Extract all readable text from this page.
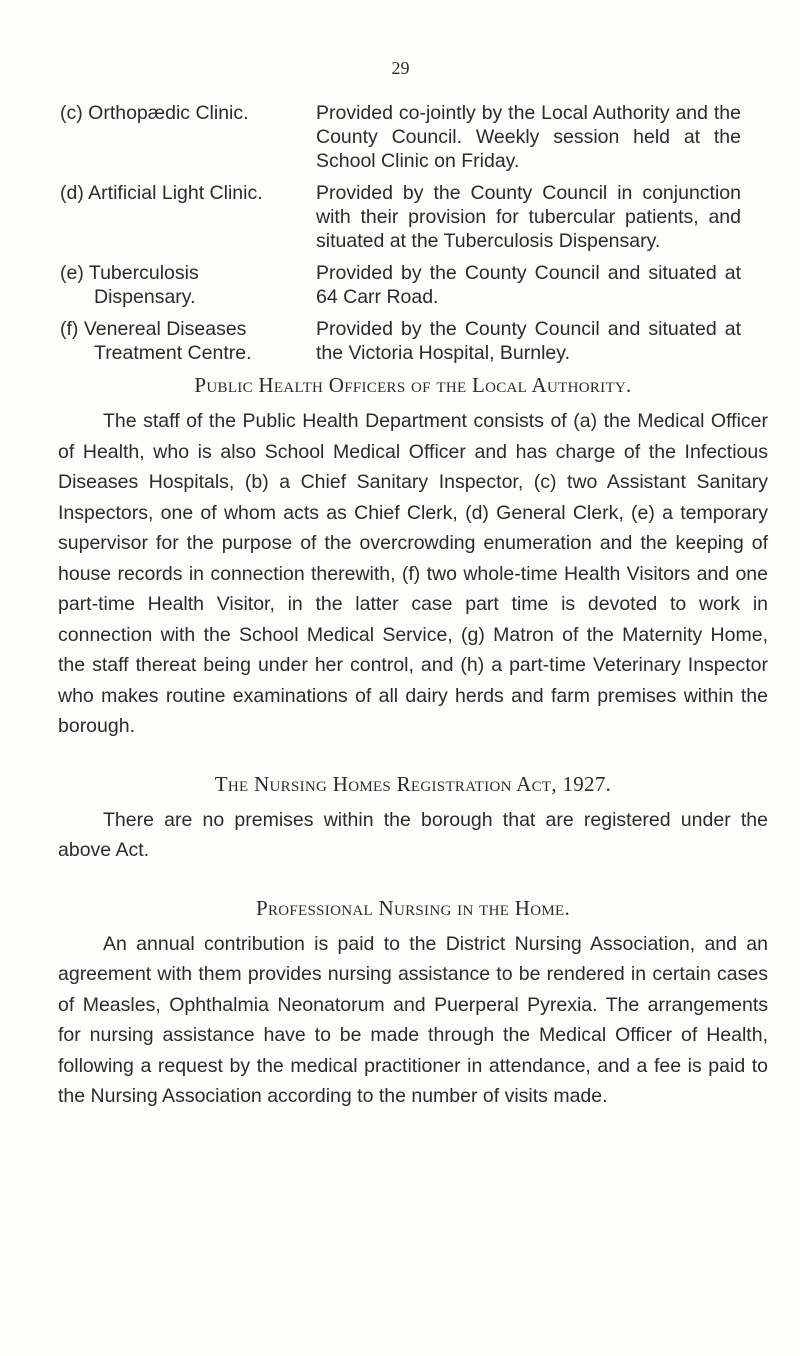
29
(c) Orthopædic Clinic.	Provided co-jointly by the Local Authority and the County Council. Weekly session held at the School Clinic on Friday.
(d) Artificial Light Clinic.	Provided by the County Council in conjunction with their provision for tubercular patients, and situated at the Tuberculosis Dispensary.
(e) Tuberculosis
Dispensary.
Provided by the County Council and situated at 64 Carr Road.
(f) Venereal Diseases
Treatment Centre.
Provided by the County Council and situated at the Victoria Hospital, Burnley.
Public Health Officers of the Local Authority.

The staff of the Public Health Department consists of (a) the Medical Officer of Health, who is also School Medical Officer and has charge of the Infectious Diseases Hospitals, (b) a Chief Sanitary Inspector, (c) two Assistant Sanitary Inspectors, one of whom acts as Chief Clerk, (d) General Clerk, (e) a temporary supervisor for the purpose of the overcrowding enumeration and the keeping of house records in connection therewith, (f) two whole-time Health Visitors and one part-time Health Visitor, in the latter case part time is devoted to work in connection with the School Medical Service, (g) Matron of the Maternity Home, the staff thereat being under her control, and (h) a part-time Veterinary Inspector who makes routine examinations of all dairy herds and farm premises within the borough.

The Nursing Homes Registration Act, 1927.

There are no premises within the borough that are registered under the above Act.

Professional Nursing in the Home.

An annual contribution is paid to the District Nursing Association, and an agreement with them provides nursing assistance to be rendered in certain cases of Measles, Ophthalmia Neonatorum and Puerperal Pyrexia. The arrangements for nursing assistance have to be made through the Medical Officer of Health, following a request by the medical practitioner in attendance, and a fee is paid to the Nursing Association according to the number of visits made.
